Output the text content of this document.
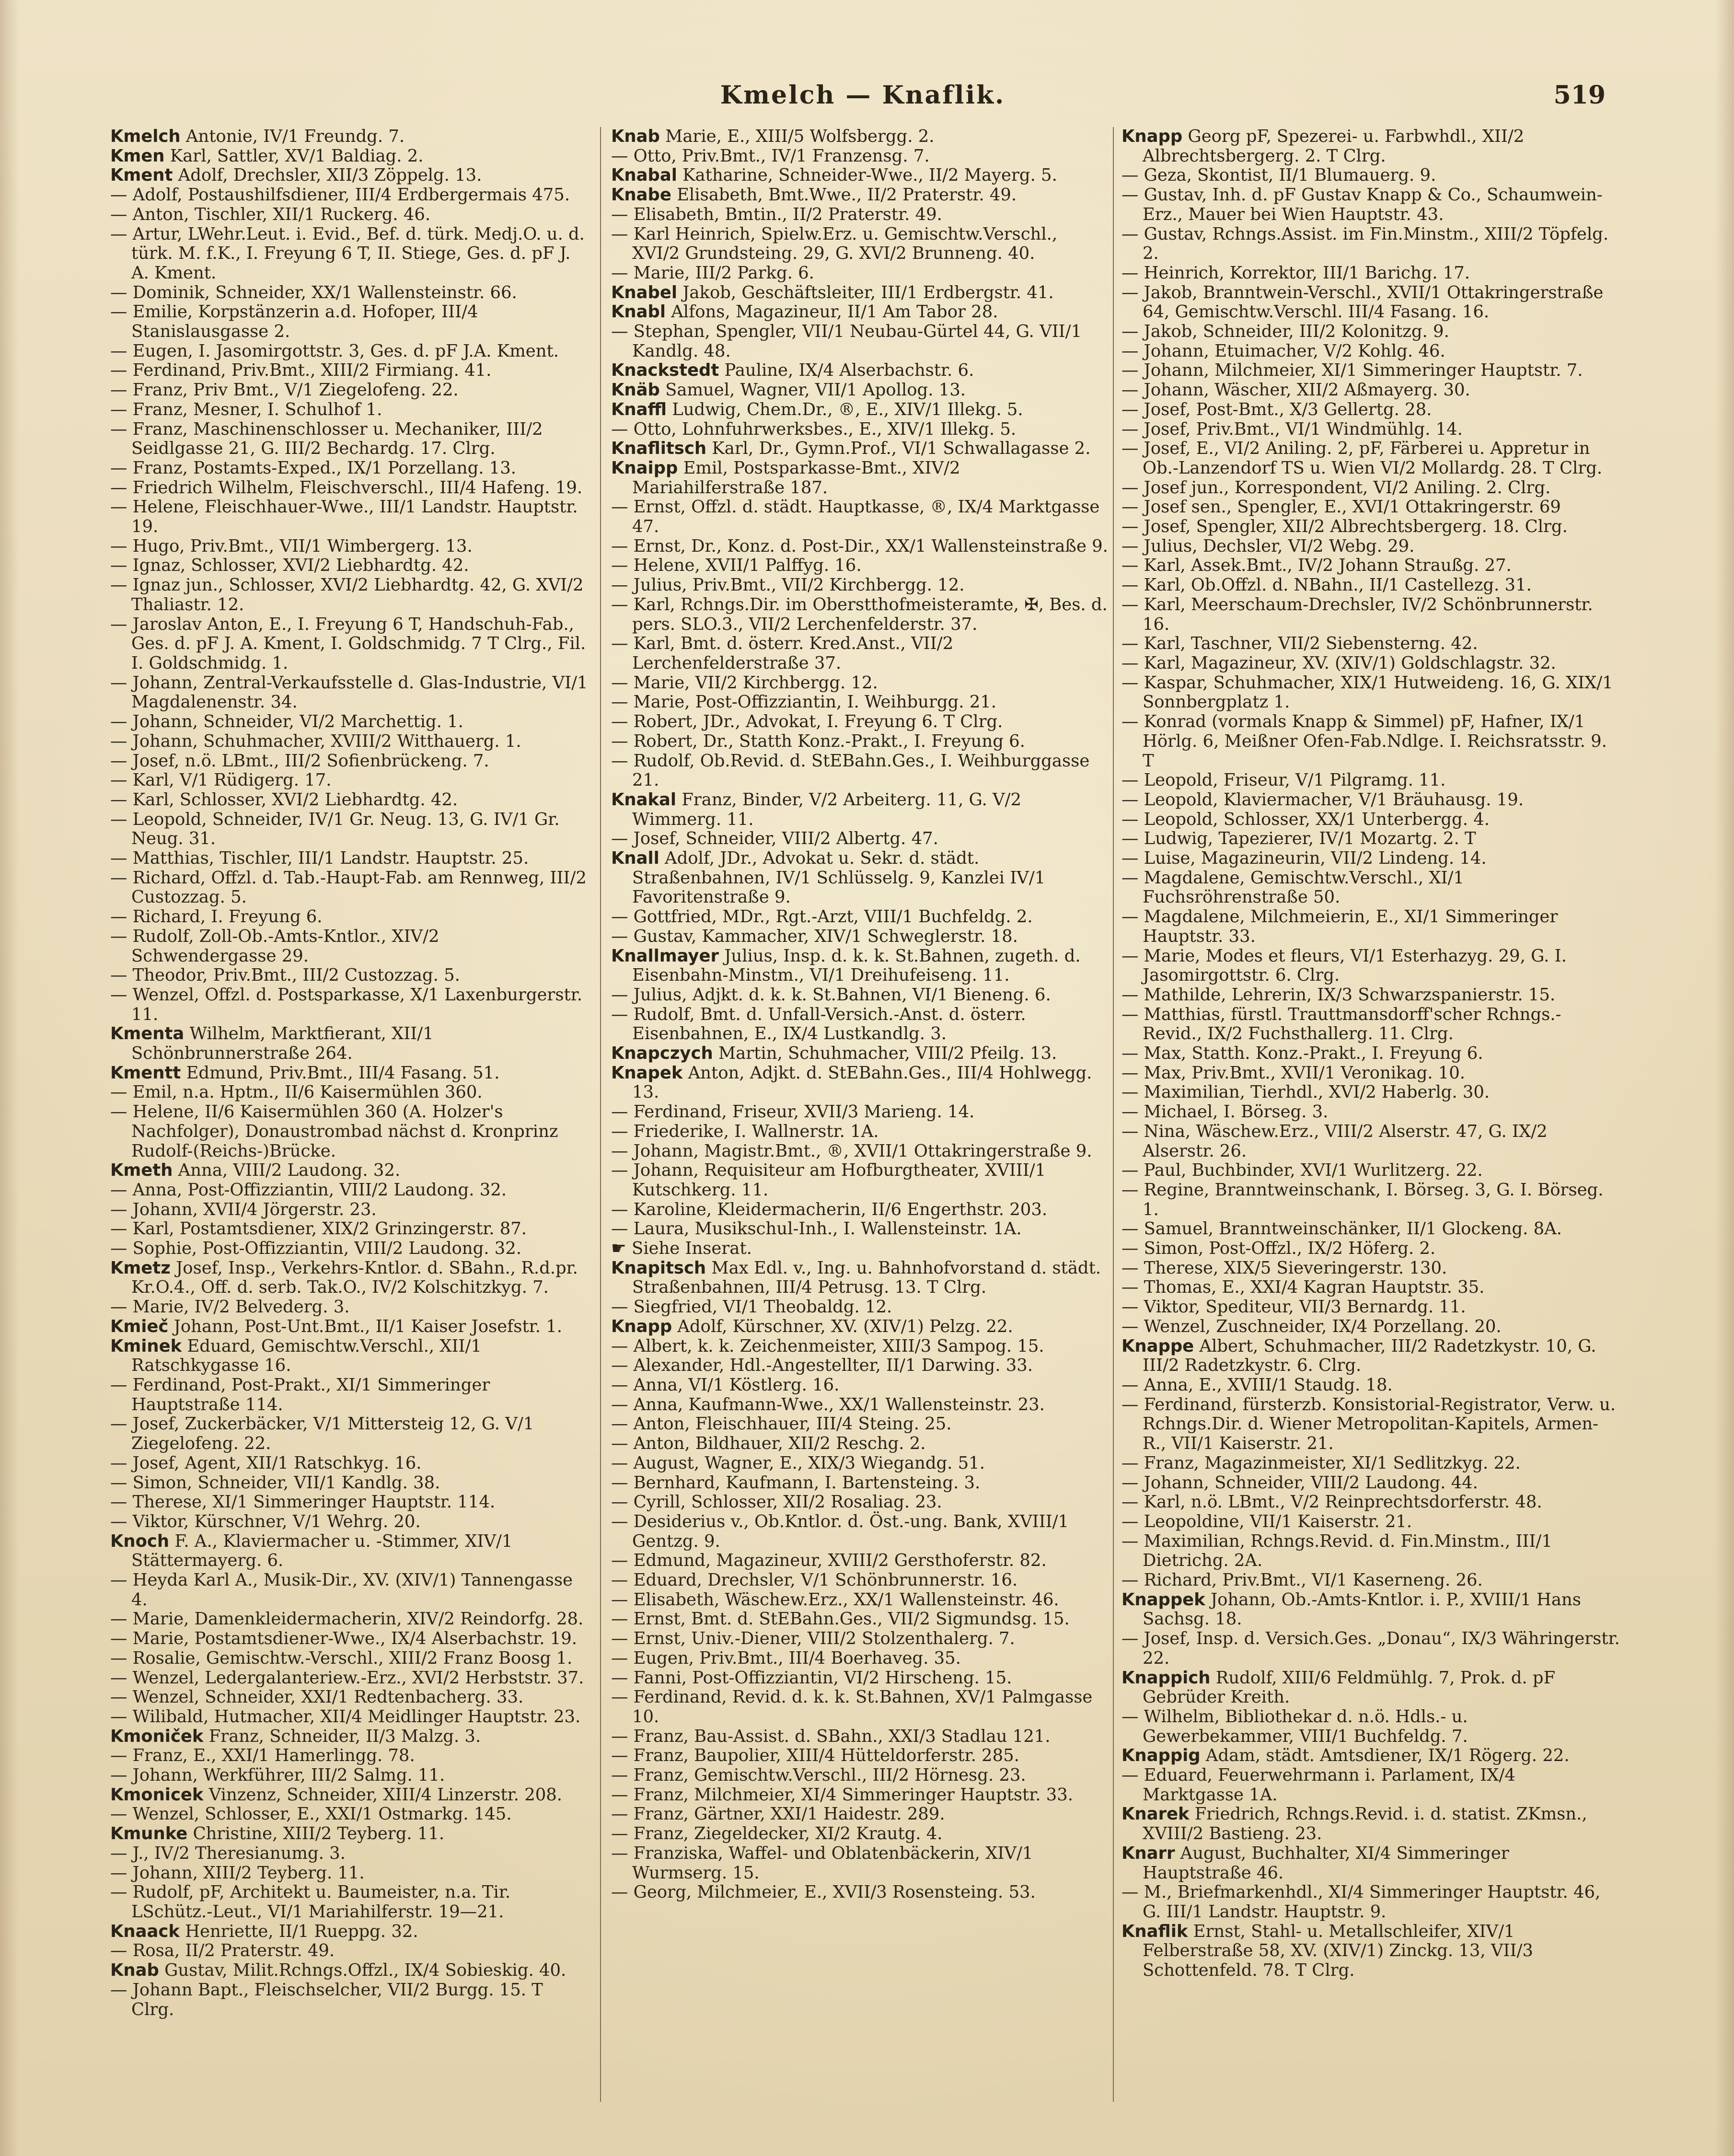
Kmelch — Knaflik.	519
Kmelch Antonie, IV/1 Freundg. 7.
Kmen Karl, Sattler, XV/1 Baldiag. 2.
Kment Adolf, Drechsler, XII/3 Zöppelg. 13.
— Adolf, Postaushilfsdiener, III/4 Erdbergermais 475.
— Anton, Tischler, XII/1 Ruckerg. 46.
— Artur, LWehr.Leut. i. Evid., Bef. d. türk. Medj.O. u. d. türk. M. f.K., I. Freyung 6 T, II. Stiege, Ges. d. pF J. A. Kment.
— Dominik, Schneider, XX/1 Wallensteinstr. 66.
— Emilie, Korpstänzerin a.d. Hofoper, III/4 Stanislausgasse 2.
— Eugen, I. Jasomirgottstr. 3, Ges. d. pF J.A. Kment.
— Ferdinand, Priv.Bmt., XIII/2 Firmiang. 41.
— Franz, Priv Bmt., V/1 Ziegelofeng. 22.
— Franz, Mesner, I. Schulhof 1.
— Franz, Maschinenschlosser u. Mechaniker, III/2 Seidlgasse 21, G. III/2 Bechardg. 17. Clrg.
— Franz, Postamts-Exped., IX/1 Porzellang. 13.
— Friedrich Wilhelm, Fleischverschl., III/4 Hafeng. 19.
— Helene, Fleischhauer-Wwe., III/1 Landstr. Hauptstr. 19.
— Hugo, Priv.Bmt., VII/1 Wimbergerg. 13.
— Ignaz, Schlosser, XVI/2 Liebhardtg. 42.
— Ignaz jun., Schlosser, XVI/2 Liebhardtg. 42, G. XVI/2 Thaliastr. 12.
— Jaroslav Anton, E., I. Freyung 6 T, Handschuh-Fab., Ges. d. pF J. A. Kment, I. Goldschmidg. 7 T Clrg., Fil. I. Goldschmidg. 1.
— Johann, Zentral-Verkaufsstelle d. Glas-Industrie, VI/1 Magdalenenstr. 34.
— Johann, Schneider, VI/2 Marchettig. 1.
— Johann, Schuhmacher, XVIII/2 Witthauerg. 1.
— Josef, n.ö. LBmt., III/2 Sofienbrückeng. 7.
— Karl, V/1 Rüdigerg. 17.
— Karl, Schlosser, XVI/2 Liebhardtg. 42.
— Leopold, Schneider, IV/1 Gr. Neug. 13, G. IV/1 Gr. Neug. 31.
— Matthias, Tischler, III/1 Landstr. Hauptstr. 25.
— Richard, Offzl. d. Tab.-Haupt-Fab. am Rennweg, III/2 Custozzag. 5.
— Richard, I. Freyung 6.
— Rudolf, Zoll-Ob.-Amts-Kntlor., XIV/2 Schwendergasse 29.
— Theodor, Priv.Bmt., III/2 Custozzag. 5.
— Wenzel, Offzl. d. Postsparkasse, X/1 Laxenburgerstr. 11.
Kmenta Wilhelm, Marktfierant, XII/1 Schönbrunnerstraße 264.
Kmentt Edmund, Priv.Bmt., III/4 Fasang. 51.
— Emil, n.a. Hptm., II/6 Kaisermühlen 360.
— Helene, II/6 Kaisermühlen 360 (A. Holzer's Nachfolger), Donaustrombad nächst d. Kronprinz Rudolf-(Reichs-)Brücke.
Kmeth Anna, VIII/2 Laudong. 32.
— Anna, Post-Offizziantin, VIII/2 Laudong. 32.
— Johann, XVII/4 Jörgerstr. 23.
— Karl, Postamtsdiener, XIX/2 Grinzingerstr. 87.
— Sophie, Post-Offizziantin, VIII/2 Laudong. 32.
Kmetz Josef, Insp., Verkehrs-Kntlor. d. SBahn., R.d.pr. Kr.O.4., Off. d. serb. Tak.O., IV/2 Kolschitzkyg. 7.
— Marie, IV/2 Belvederg. 3.
Kmieč Johann, Post-Unt.Bmt., II/1 Kaiser Josefstr. 1.
Kminek Eduard, Gemischtw.Verschl., XII/1 Ratschkygasse 16.
— Ferdinand, Post-Prakt., XI/1 Simmeringer Hauptstraße 114.
— Josef, Zuckerbäcker, V/1 Mittersteig 12, G. V/1 Ziegelofeng. 22.
— Josef, Agent, XII/1 Ratschkyg. 16.
— Simon, Schneider, VII/1 Kandlg. 38.
— Therese, XI/1 Simmeringer Hauptstr. 114.
— Viktor, Kürschner, V/1 Wehrg. 20.
Knoch F. A., Klaviermacher u. -Stimmer, XIV/1 Stättermayerg. 6.
— Heyda Karl A., Musik-Dir., XV. (XIV/1) Tannengasse 4.
— Marie, Damenkleidermacherin, XIV/2 Reindorfg. 28.
— Marie, Postamtsdiener-Wwe., IX/4 Alserbachstr. 19.
— Rosalie, Gemischtw.-Verschl., XIII/2 Franz Boosg 1.
— Wenzel, Ledergalanteriew.-Erz., XVI/2 Herbststr. 37.
— Wenzel, Schneider, XXI/1 Redtenbacherg. 33.
— Wilibald, Hutmacher, XII/4 Meidlinger Hauptstr. 23.
Kmoniček Franz, Schneider, II/3 Malzg. 3.
— Franz, E., XXI/1 Hamerlingg. 78.
— Johann, Werkführer, III/2 Salmg. 11.
Kmonicek Vinzenz, Schneider, XIII/4 Linzerstr. 208.
— Wenzel, Schlosser, E., XXI/1 Ostmarkg. 145.
Kmunke Christine, XIII/2 Teyberg. 11.
— J., IV/2 Theresianumg. 3.
— Johann, XIII/2 Teyberg. 11.
— Rudolf, pF, Architekt u. Baumeister, n.a. Tir. LSchütz.-Leut., VI/1 Mariahilferstr. 19—21.
Knaack Henriette, II/1 Rueppg. 32.
— Rosa, II/2 Praterstr. 49.
Knab Gustav, Milit.Rchngs.Offzl., IX/4 Sobieskig. 40.
— Johann Bapt., Fleischselcher, VII/2 Burgg. 15. T Clrg.
Knab Marie, E., XIII/5 Wolfsbergg. 2.
— Otto, Priv.Bmt., IV/1 Franzensg. 7.
Knabal Katharine, Schneider-Wwe., II/2 Mayerg. 5.
Knabe Elisabeth, Bmt.Wwe., II/2 Praterstr. 49.
— Elisabeth, Bmtin., II/2 Praterstr. 49.
— Karl Heinrich, Spielw.Erz. u. Gemischtw.Verschl., XVI/2 Grundsteing. 29, G. XVI/2 Brunneng. 40.
— Marie, III/2 Parkg. 6.
Knabel Jakob, Geschäftsleiter, III/1 Erdbergstr. 41.
Knabl Alfons, Magazineur, II/1 Am Tabor 28.
— Stephan, Spengler, VII/1 Neubau-Gürtel 44, G. VII/1 Kandlg. 48.
Knackstedt Pauline, IX/4 Alserbachstr. 6.
Knäb Samuel, Wagner, VII/1 Apollog. 13.
Knaffl Ludwig, Chem.Dr., ®, E., XIV/1 Illekg. 5.
— Otto, Lohnfuhrwerksbes., E., XIV/1 Illekg. 5.
Knaflitsch Karl, Dr., Gymn.Prof., VI/1 Schwallagasse 2.
Knaipp Emil, Postsparkasse-Bmt., XIV/2 Mariahilferstraße 187.
— Ernst, Offzl. d. städt. Hauptkasse, ®, IX/4 Marktgasse 47.
— Ernst, Dr., Konz. d. Post-Dir., XX/1 Wallensteinstraße 9.
— Helene, XVII/1 Palffyg. 16.
— Julius, Priv.Bmt., VII/2 Kirchbergg. 12.
— Karl, Rchngs.Dir. im Oberstthofmeisteramte, ✠, Bes. d. pers. SLO.3., VII/2 Lerchenfelderstr. 37.
— Karl, Bmt. d. österr. Kred.Anst., VII/2 Lerchenfelderstraße 37.
— Marie, VII/2 Kirchbergg. 12.
— Marie, Post-Offizziantin, I. Weihburgg. 21.
— Robert, JDr., Advokat, I. Freyung 6. T Clrg.
— Robert, Dr., Statth Konz.-Prakt., I. Freyung 6.
— Rudolf, Ob.Revid. d. StEBahn.Ges., I. Weihburggasse 21.
Knakal Franz, Binder, V/2 Arbeiterg. 11, G. V/2 Wimmerg. 11.
— Josef, Schneider, VIII/2 Albertg. 47.
Knall Adolf, JDr., Advokat u. Sekr. d. städt. Straßenbahnen, IV/1 Schlüsselg. 9, Kanzlei IV/1 Favoritenstraße 9.
— Gottfried, MDr., Rgt.-Arzt, VIII/1 Buchfeldg. 2.
— Gustav, Kammacher, XIV/1 Schweglerstr. 18.
Knallmayer Julius, Insp. d. k. k. St.Bahnen, zugeth. d. Eisenbahn-Minstm., VI/1 Dreihufeiseng. 11.
— Julius, Adjkt. d. k. k. St.Bahnen, VI/1 Bieneng. 6.
— Rudolf, Bmt. d. Unfall-Versich.-Anst. d. österr. Eisenbahnen, E., IX/4 Lustkandlg. 3.
Knapczych Martin, Schuhmacher, VIII/2 Pfeilg. 13.
Knapek Anton, Adjkt. d. StEBahn.Ges., III/4 Hohlwegg. 13.
— Ferdinand, Friseur, XVII/3 Marieng. 14.
— Friederike, I. Wallnerstr. 1A.
— Johann, Magistr.Bmt., ®, XVII/1 Ottakringerstraße 9.
— Johann, Requisiteur am Hofburgtheater, XVIII/1 Kutschkerg. 11.
— Karoline, Kleidermacherin, II/6 Engerthstr. 203.
— Laura, Musikschul-Inh., I. Wallensteinstr. 1A.
☛ Siehe Inserat.
Knapitsch Max Edl. v., Ing. u. Bahnhofvorstand d. städt. Straßenbahnen, III/4 Petrusg. 13. T Clrg.
— Siegfried, VI/1 Theobaldg. 12.
Knapp Adolf, Kürschner, XV. (XIV/1) Pelzg. 22.
— Albert, k. k. Zeichenmeister, XIII/3 Sampog. 15.
— Alexander, Hdl.-Angestellter, II/1 Darwing. 33.
— Anna, VI/1 Köstlerg. 16.
— Anna, Kaufmann-Wwe., XX/1 Wallensteinstr. 23.
— Anton, Fleischhauer, III/4 Steing. 25.
— Anton, Bildhauer, XII/2 Reschg. 2.
— August, Wagner, E., XIX/3 Wiegandg. 51.
— Bernhard, Kaufmann, I. Bartensteing. 3.
— Cyrill, Schlosser, XII/2 Rosaliag. 23.
— Desiderius v., Ob.Kntlor. d. Öst.-ung. Bank, XVIII/1 Gentzg. 9.
— Edmund, Magazineur, XVIII/2 Gersthoferstr. 82.
— Eduard, Drechsler, V/1 Schönbrunnerstr. 16.
— Elisabeth, Wäschew.Erz., XX/1 Wallensteinstr. 46.
— Ernst, Bmt. d. StEBahn.Ges., VII/2 Sigmundsg. 15.
— Ernst, Univ.-Diener, VIII/2 Stolzenthalerg. 7.
— Eugen, Priv.Bmt., III/4 Boerhaveg. 35.
— Fanni, Post-Offizziantin, VI/2 Hirscheng. 15.
— Ferdinand, Revid. d. k. k. St.Bahnen, XV/1 Palmgasse 10.
— Franz, Bau-Assist. d. SBahn., XXI/3 Stadlau 121.
— Franz, Baupolier, XIII/4 Hütteldorferstr. 285.
— Franz, Gemischtw.Verschl., III/2 Hörnesg. 23.
— Franz, Milchmeier, XI/4 Simmeringer Hauptstr. 33.
— Franz, Gärtner, XXI/1 Haidestr. 289.
— Franz, Ziegeldecker, XI/2 Krautg. 4.
— Franziska, Waffel- und Oblatenbäckerin, XIV/1 Wurmserg. 15.
— Georg, Milchmeier, E., XVII/3 Rosensteing. 53.
Knapp Georg pF, Spezerei- u. Farbwhdl., XII/2 Albrechtsbergerg. 2. T Clrg.
— Geza, Skontist, II/1 Blumauerg. 9.
— Gustav, Inh. d. pF Gustav Knapp & Co., Schaumwein-Erz., Mauer bei Wien Hauptstr. 43.
— Gustav, Rchngs.Assist. im Fin.Minstm., XIII/2 Töpfelg. 2.
— Heinrich, Korrektor, III/1 Barichg. 17.
— Jakob, Branntwein-Verschl., XVII/1 Ottakringerstraße 64, Gemischtw.Verschl. III/4 Fasang. 16.
— Jakob, Schneider, III/2 Kolonitzg. 9.
— Johann, Etuimacher, V/2 Kohlg. 46.
— Johann, Milchmeier, XI/1 Simmeringer Hauptstr. 7.
— Johann, Wäscher, XII/2 Aßmayerg. 30.
— Josef, Post-Bmt., X/3 Gellertg. 28.
— Josef, Priv.Bmt., VI/1 Windmühlg. 14.
— Josef, E., VI/2 Aniling. 2, pF, Färberei u. Appretur in Ob.-Lanzendorf TS u. Wien VI/2 Mollardg. 28. T Clrg.
— Josef jun., Korrespondent, VI/2 Aniling. 2. Clrg.
— Josef sen., Spengler, E., XVI/1 Ottakringerstr. 69
— Josef, Spengler, XII/2 Albrechtsbergerg. 18. Clrg.
— Julius, Dechsler, VI/2 Webg. 29.
— Karl, Assek.Bmt., IV/2 Johann Straußg. 27.
— Karl, Ob.Offzl. d. NBahn., II/1 Castellezg. 31.
— Karl, Meerschaum-Drechsler, IV/2 Schönbrunnerstr. 16.
— Karl, Taschner, VII/2 Siebensterng. 42.
— Karl, Magazineur, XV. (XIV/1) Goldschlagstr. 32.
— Kaspar, Schuhmacher, XIX/1 Hutweideng. 16, G. XIX/1 Sonnbergplatz 1.
— Konrad (vormals Knapp & Simmel) pF, Hafner, IX/1 Hörlg. 6, Meißner Ofen-Fab.Ndlge. I. Reichsratsstr. 9. T
— Leopold, Friseur, V/1 Pilgramg. 11.
— Leopold, Klaviermacher, V/1 Bräuhausg. 19.
— Leopold, Schlosser, XX/1 Unterbergg. 4.
— Ludwig, Tapezierer, IV/1 Mozartg. 2. T
— Luise, Magazineurin, VII/2 Lindeng. 14.
— Magdalene, Gemischtw.Verschl., XI/1 Fuchsröhrenstraße 50.
— Magdalene, Milchmeierin, E., XI/1 Simmeringer Hauptstr. 33.
— Marie, Modes et fleurs, VI/1 Esterhazyg. 29, G. I. Jasomirgottstr. 6. Clrg.
— Mathilde, Lehrerin, IX/3 Schwarzspanierstr. 15.
— Matthias, fürstl. Trauttmansdorff'scher Rchngs.-Revid., IX/2 Fuchsthallerg. 11. Clrg.
— Max, Statth. Konz.-Prakt., I. Freyung 6.
— Max, Priv.Bmt., XVII/1 Veronikag. 10.
— Maximilian, Tierhdl., XVI/2 Haberlg. 30.
— Michael, I. Börseg. 3.
— Nina, Wäschew.Erz., VIII/2 Alserstr. 47, G. IX/2 Alserstr. 26.
— Paul, Buchbinder, XVI/1 Wurlitzerg. 22.
— Regine, Branntweinschank, I. Börseg. 3, G. I. Börseg. 1.
— Samuel, Branntweinschänker, II/1 Glockeng. 8A.
— Simon, Post-Offzl., IX/2 Höferg. 2.
— Therese, XIX/5 Sieveringerstr. 130.
— Thomas, E., XXI/4 Kagran Hauptstr. 35.
— Viktor, Spediteur, VII/3 Bernardg. 11.
— Wenzel, Zuschneider, IX/4 Porzellang. 20.
Knappe Albert, Schuhmacher, III/2 Radetzkystr. 10, G. III/2 Radetzkystr. 6. Clrg.
— Anna, E., XVIII/1 Staudg. 18.
— Ferdinand, fürsterzb. Konsistorial-Registrator, Verw. u. Rchngs.Dir. d. Wiener Metropolitan-Kapitels, Armen-R., VII/1 Kaiserstr. 21.
— Franz, Magazinmeister, XI/1 Sedlitzkyg. 22.
— Johann, Schneider, VIII/2 Laudong. 44.
— Karl, n.ö. LBmt., V/2 Reinprechtsdorferstr. 48.
— Leopoldine, VII/1 Kaiserstr. 21.
— Maximilian, Rchngs.Revid. d. Fin.Minstm., III/1 Dietrichg. 2A.
— Richard, Priv.Bmt., VI/1 Kaserneng. 26.
Knappek Johann, Ob.-Amts-Kntlor. i. P., XVIII/1 Hans Sachsg. 18.
— Josef, Insp. d. Versich.Ges. „Donau“, IX/3 Währingerstr. 22.
Knappich Rudolf, XIII/6 Feldmühlg. 7, Prok. d. pF Gebrüder Kreith.
— Wilhelm, Bibliothekar d. n.ö. Hdls.- u. Gewerbekammer, VIII/1 Buchfeldg. 7.
Knappig Adam, städt. Amtsdiener, IX/1 Rögerg. 22.
— Eduard, Feuerwehrmann i. Parlament, IX/4 Marktgasse 1A.
Knarek Friedrich, Rchngs.Revid. i. d. statist. ZKmsn., XVIII/2 Bastieng. 23.
Knarr August, Buchhalter, XI/4 Simmeringer Hauptstraße 46.
— M., Briefmarkenhdl., XI/4 Simmeringer Hauptstr. 46, G. III/1 Landstr. Hauptstr. 9.
Knaflik Ernst, Stahl- u. Metallschleifer, XIV/1 Felberstraße 58, XV. (XIV/1) Zinckg. 13, VII/3 Schottenfeld. 78. T Clrg.
